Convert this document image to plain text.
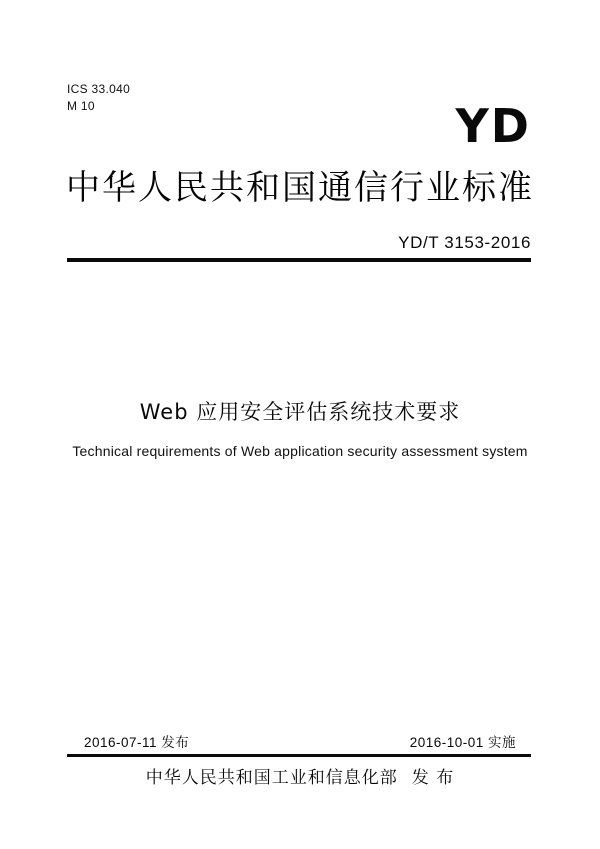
ICS 33.040
M 10	YD
中华人民共和国通信行业标准
YD/T 3153-2016
Web 应用安全评估系统技术要求
Technical requirements of Web application security assessment system
2016-07-11 发布	2016-10-01 实施
中华人民共和国工业和信息化部 发 布
